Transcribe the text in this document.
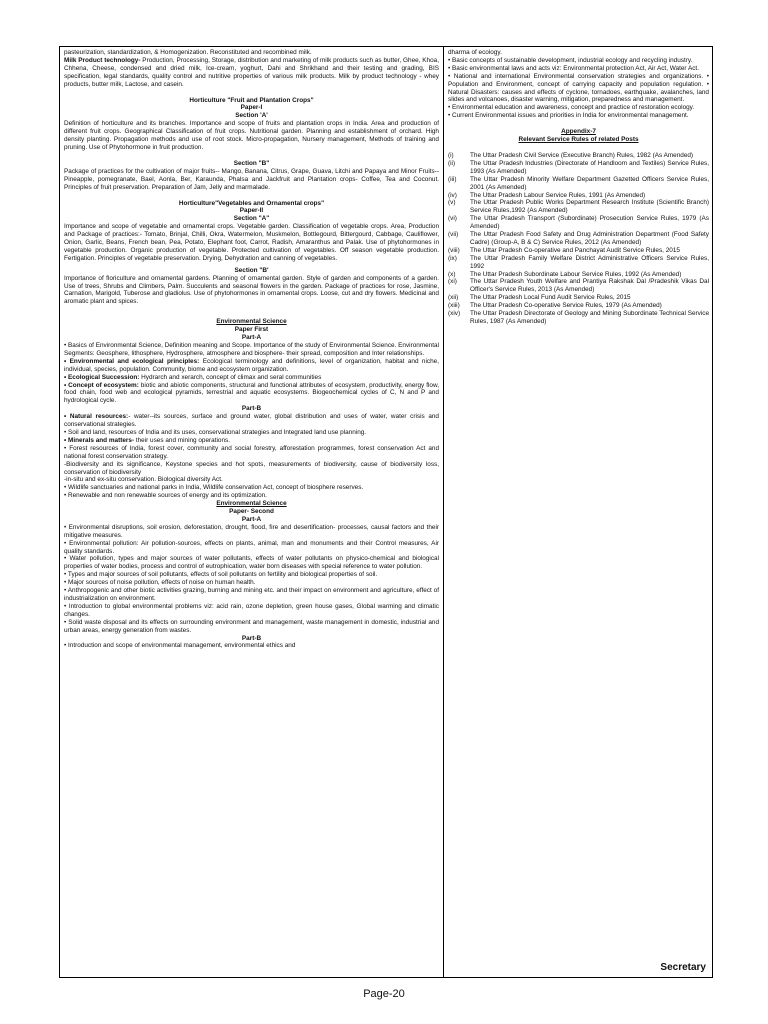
pasteurization, standardization, & Homogenization. Reconstituted and recombined milk.

Milk Product technology- Production, Processing, Storage, distribution and marketing of milk products such as butter, Ghee, Khoa, Chhena, Cheese, condensed and dried milk, Ice-cream, yoghurt, Dahi and Shrikhand and their testing and grading, BIS specification, legal standards, quality control and nutritive properties of various milk products. Milk by product technology - whey products, butter milk, Lactose, and casein.

Horticulture "Fruit and Plantation Crops"

Paper-I

Section 'A'

Definition of horticulture and its branches. Importance and scope of fruits and plantation crops in India. Area and production of different fruit crops. Geographical Classification of fruit crops. Nutritional garden. Planning and establishment of orchard. High density planting. Propagation methods and use of root stock. Micro-propagation, Nursery management, Methods of training and pruning. Use of Phytohormone in fruit production.

Section "B"

Package of practices for the cultivation of major fruits-- Mango, Banana, Citrus, Grape, Guava, Litchi and Papaya and Minor Fruits-- Pineapple, pomegranate, Bael, Aonla, Ber, Karaunda, Phalsa and Jackfruit and Plantation crops- Coffee, Tea and Coconut. Principles of fruit preservation. Preparation of Jam, Jelly and marmalade.

Horticulture"Vegetables and Ornamental crops"

Paper-II

Section "A"

Importance and scope of vegetable and ornamental crops. Vegetable garden. Classification of vegetable crops. Area, Production and Package of practices:- Tomato, Brinjal, Chilli, Okra, Watermelon, Muskmelon, Bottlegourd, Bittergourd, Cabbage, Cauliflower, Onion, Garlic, Beans, French bean, Pea, Potato, Elephant foot, Carrot, Radish, Amaranthus and Palak. Use of phytohormones in vegetable production. Organic production of vegetable. Protected cultivation of vegetables. Off season vegetable production. Fertigation. Principles of vegetable preservation. Drying, Dehydration and canning of vegetables.

Section "B'

Importance of floriculture and ornamental gardens. Planning of ornamental garden. Style of garden and components of a garden. Use of trees, Shrubs and Climbers, Palm. Succulents and seasonal flowers in the garden. Package of practices for rose, Jasmine, Carnation, Marigold, Tuberose and gladiolus. Use of phytohormones in ornamental crops. Loose, cut and dry flowers. Medicinal and aromatic plant and spices.

Environmental Science

Paper First

Part-A

• Basics of Environmental Science, Definition meaning and Scope. Importance of the study of Environmental Science. Environmental Segments: Geosphere, lithosphere, Hydrosphere, atmosphere and biosphere- their spread, composition and Inter relationships.

• Environmental and ecological principles: Ecological terminology and definitions, level of organization, habitat and niche, individual, species, population. Community, biome and ecosystem organization.

• Ecological Succession: Hydrarch and xerarch, concept of climax and seral communities

• Concept of ecosystem: biotic and abiotic components, structural and functional attributes of ecosystem, productivity, energy flow, food chain, food web and ecological pyramids, terrestrial and aquatic ecosystems. Biogeochemical cycles of C, N and P and hydrological cycle.

Part-B

• Natural resources:- water--its sources, surface and ground water, global distribution and uses of water, water crisis and conservational strategies.

• Soil and land, resources of India and its uses, conservational strategies and Integrated land use planning.

• Minerals and matters- their uses and mining operations.

• Forest resources of India, forest cover, community and social forestry, afforestation programmes, forest conservation Act and national forest conservation strategy.

-Biodiversity and its significance, Keystone species and hot spots, measurements of biodiversity, cause of biodiversity loss, conservation of biodiversity

-in-situ and ex-situ conservation. Biological diversity Act.

• Wildlife sanctuaries and national parks in India, Wildlife conservation Act, concept of biosphere reserves.

• Renewable and non renewable sources of energy and its optimization.

Environmental Science

Paper- Second

Part-A

• Environmental disruptions, soil erosion, deforestation, drought, flood, fire and desertification- processes, causal factors and their mitigative measures.

• Environmental pollution: Air pollution-sources, effects on plants, animal, man and monuments and their Control measures, Air quality standards.

• Water pollution, types and major sources of water pollutants, effects of water pollutants on physico-chemical and biological properties of water bodies, process and control of eutrophication, water born diseases with special reference to water pollution.

• Types and major sources of soil pollutants, effects of soil pollutants on fertility and biological properties of soil.

• Major sources of noise pollution, effects of noise on human health.

• Anthropogenic and other biotic activities grazing, burning and mining etc. and their impact on environment and agriculture, effect of industrialization on environment.

• Introduction to global environmental problems viz: acid rain, ozone depletion, green house gases, Global warming and climatic changes.

• Solid waste disposal and its effects on surrounding environment and management, waste management in domestic, industrial and urban areas, energy generation from wastes.

Part-B

• Introduction and scope of environmental management, environmental ethics and

dharma of ecology.

• Basic concepts of sustainable development, industrial ecology and recycling industry.

• Basic environmental laws and acts viz: Environmental protection Act, Air Act, Water Act.

• National and international Environmental conservation strategies and organizations. • Population and Environment, concept of carrying capacity and population regulation. • Natural Disasters: causes and effects of cyclone, tornadoes, earthquake, avalanches, land slides and volcanoes, disaster warning, mitigation, preparedness and management.

• Environmental education and awareness, concept and practice of restoration ecology.

• Current Environmental issues and priorities in India for environmental management.

Appendix-7

Relevant Service Rules of related Posts

(i)	The Uttar Pradesh Civil Service (Executive Branch) Rules, 1982 (As Amended)
(ii)	The Uttar Pradesh Industries (Directorate of Handloom and Textiles) Service Rules, 1993 (As Amended)
(iii)	The Uttar Pradesh Minority Welfare Department Gazetted Officers Service Rules, 2001 (As Amended)
(iv)	The Uttar Pradesh Labour Service Rules, 1991 (As Amended)
(v)	The Uttar Pradesh Public Works Department Research Institute (Scientific Branch) Service Rules,1992 (As Amended)
(vi)	The Uttar Pradesh Transport (Subordinate) Prosecution Service Rules, 1979 (As Amended)
(vii)	The Uttar Pradesh Food Safety and Drug Administration Department (Food Safety Cadre) (Group-A, B & C) Service Rules, 2012 (As Amended)
(viii)	The Uttar Pradesh Co-operative and Panchayat Audit Service Rules, 2015
(ix)	The Uttar Pradesh Family Welfare District Administrative Officers Service Rules, 1992
(x)	The Uttar Pradesh Subordinate Labour Service Rules, 1992 (As Amended)
(xi)	The Uttar Pradesh Youth Welfare and Prantiya Rakshak Dal /Pradeshik Vikas Dal Officer's Service Rules, 2013 (As Amended)
(xii)	The Uttar Pradesh Local Fund Audit Service Rules, 2015
(xiii)	The Uttar Pradesh Co-operative Service Rules, 1979 (As Amended)
(xiv)	The Uttar Pradesh Directorate of Geology and Mining Subordinate Technical Service Rules, 1987 (As Amended)
Secretary
Page-20
